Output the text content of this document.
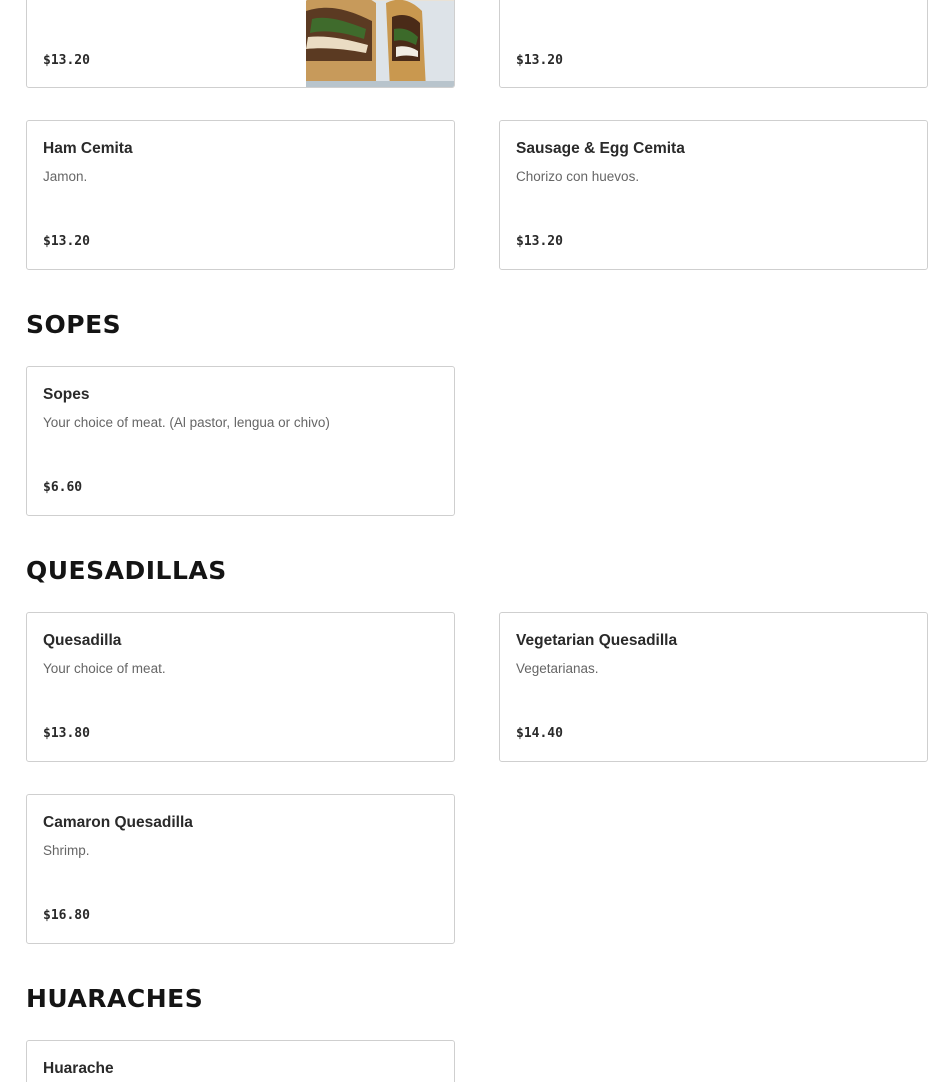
$13.20	$13.20
Ham Cemita
Jamon.
$13.20
Sausage & Egg Cemita
Chorizo con huevos.
$13.20
SOPES
Sopes
Your choice of meat. (Al pastor, lengua or chivo)
$6.60
QUESADILLAS
Quesadilla
Your choice of meat.
$13.80
Vegetarian Quesadilla
Vegetarianas.
$14.40
Camaron Quesadilla
Shrimp.
$16.80
HUARACHES
Huarache
